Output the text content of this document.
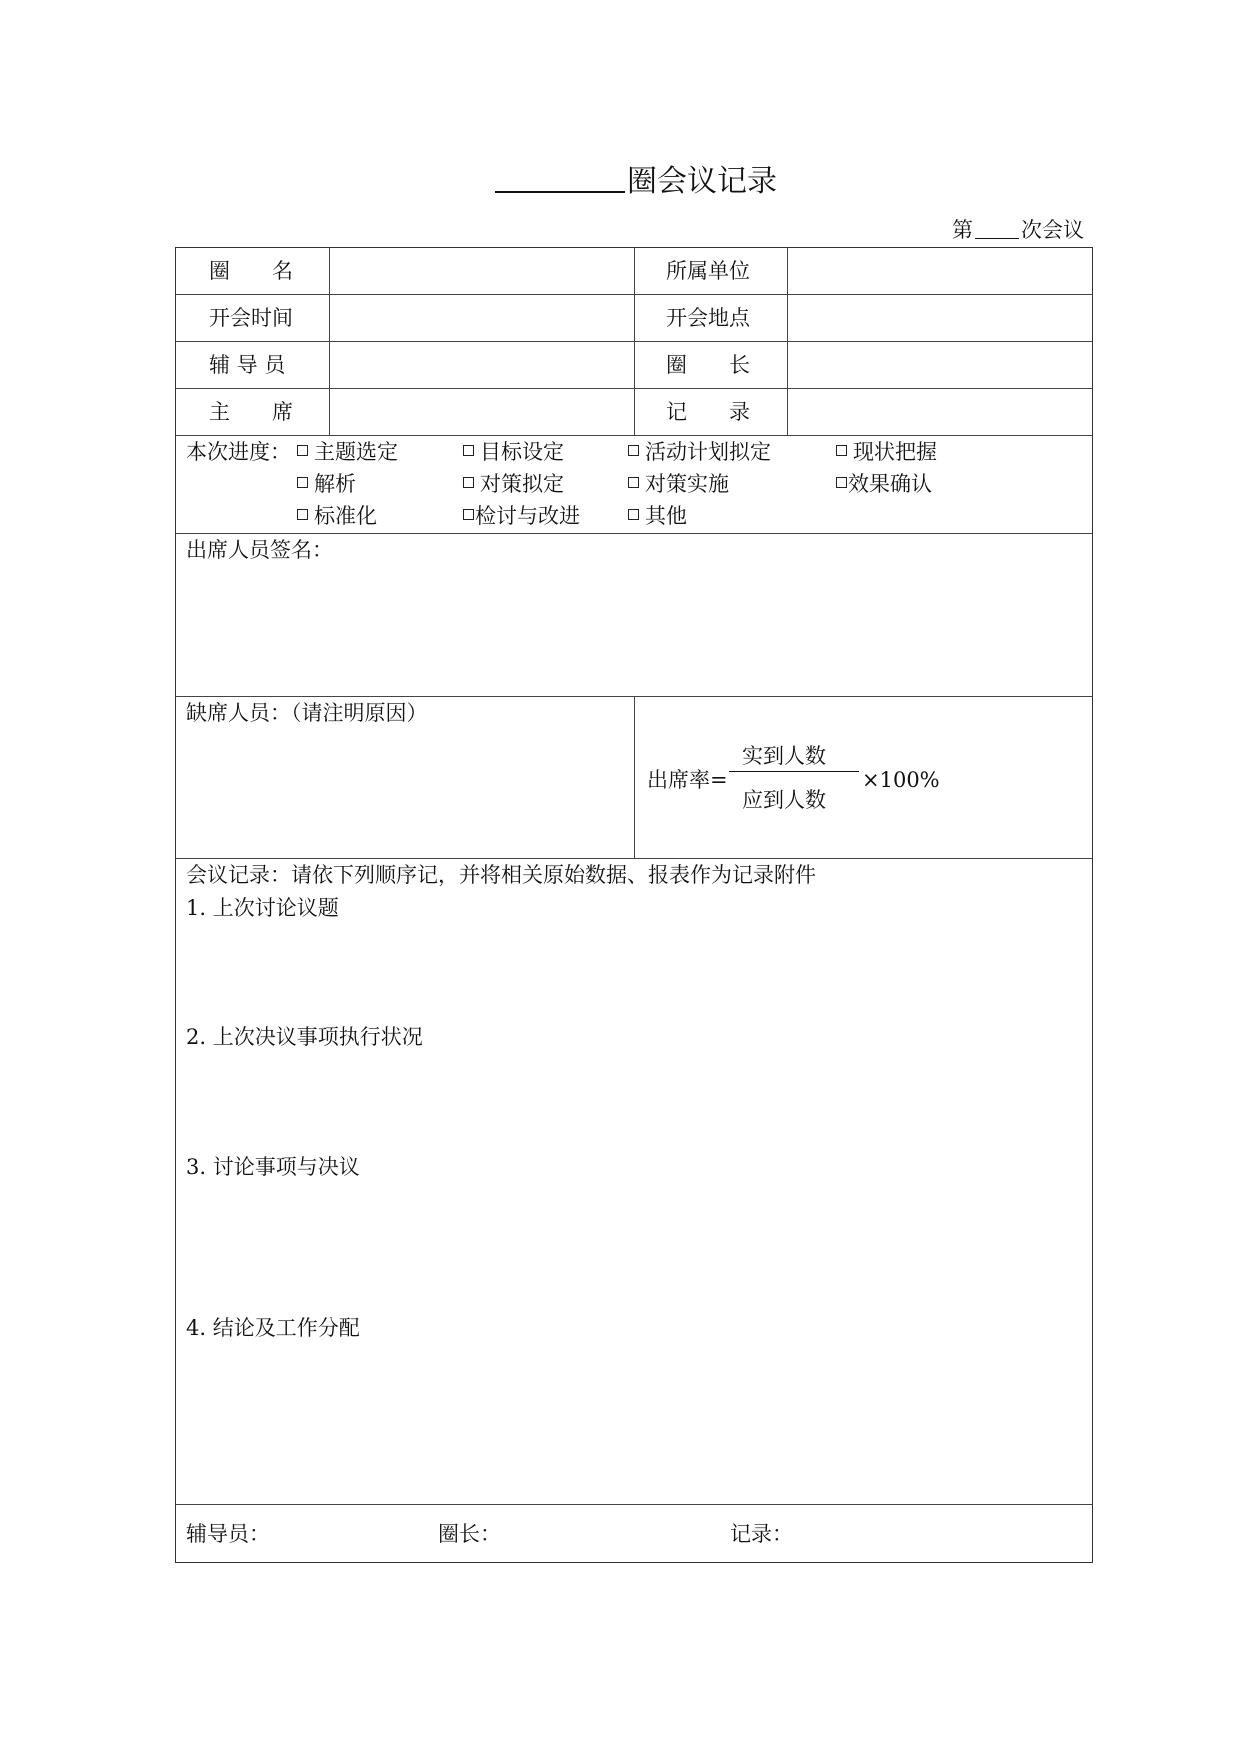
圈会议记录
第 次会议
圈　　名	所属单位
开会时间	开会地点
辅 导 员	圈　　长
主　　席	记　　录
本次进度：	主题选定	目标设定	活动计划拟定	现状把握
解析	对策拟定	对策实施	效果确认
标准化	检讨与改进	其他
出席人员签名：
缺席人员：（请注明原因）
出席率=
实到人数
应到人数
×100%
会议记录：请依下列顺序记，并将相关原始数据、报表作为记录附件
1. 上次讨论议题
2. 上次决议事项执行状况
3. 讨论事项与决议
4. 结论及工作分配
辅导员：	圈长：	记录：
